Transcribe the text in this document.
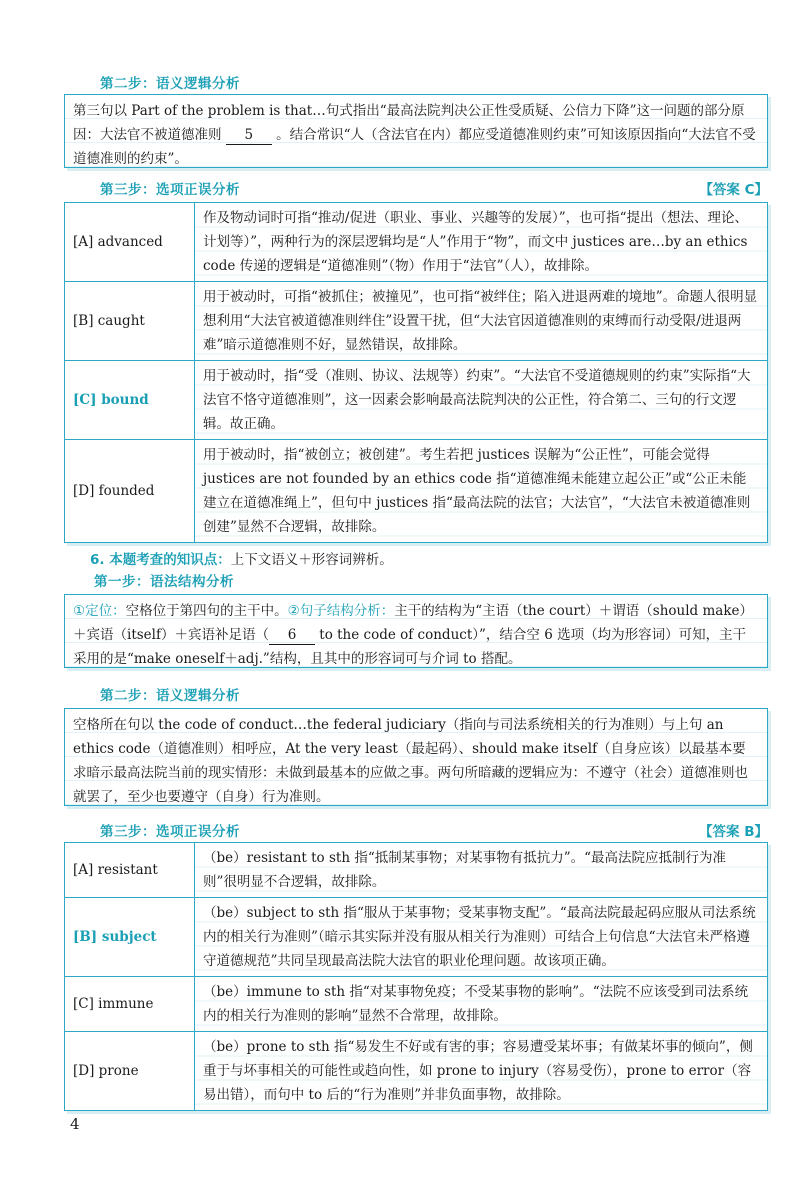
第二步：语义逻辑分析

第三句以 Part of the problem is that…句式指出“最高法院判决公正性受质疑、公信力下降”这一问题的部分原因：大法官不被道德准则 5 。结合常识“人（含法官在内）都应受道德准则约束”可知该原因指向“大法官不受道德准则的约束”。

第三步：选项正误分析	【答案 C】
[A] advanced	作及物动词时可指“推动/促进（职业、事业、兴趣等的发展）”，也可指“提出（想法、理论、计划等）”，两种行为的深层逻辑均是“人”作用于“物”，而文中 justices are…by an ethics code 传递的逻辑是“道德准则”（物）作用于“法官”（人），故排除。
[B] caught	用于被动时，可指“被抓住；被撞见”，也可指“被绊住；陷入进退两难的境地”。命题人很明显想利用“大法官被道德准则绊住”设置干扰，但“大法官因道德准则的束缚而行动受限/进退两难”暗示道德准则不好，显然错误，故排除。
[C] bound	用于被动时，指“受（准则、协议、法规等）约束”。“大法官不受道德规则的约束”实际指“大法官不恪守道德准则”，这一因素会影响最高法院判决的公正性，符合第二、三句的行文逻辑。故正确。
[D] founded	用于被动时，指“被创立；被创建”。考生若把 justices 误解为“公正性”，可能会觉得 justices are not founded by an ethics code 指“道德准绳未能建立起公正”或“公正未能建立在道德准绳上”，但句中 justices 指“最高法院的法官；大法官”，“大法官未被道德准则创建”显然不合逻辑，故排除。
6. 本题考查的知识点：上下文语义＋形容词辨析。
第一步：语法结构分析

①定位：空格位于第四句的主干中。②句子结构分析：主干的结构为“主语（the court）＋谓语（should make）＋宾语（itself）＋宾语补足语（ 6 to the code of conduct）”，结合空 6 选项（均为形容词）可知，主干采用的是“make oneself＋adj.”结构，且其中的形容词可与介词 to 搭配。

第二步：语义逻辑分析

空格所在句以 the code of conduct…the federal judiciary（指向与司法系统相关的行为准则）与上句 an ethics code（道德准则）相呼应，At the very least（最起码）、should make itself（自身应该）以最基本要求暗示最高法院当前的现实情形：未做到最基本的应做之事。两句所暗藏的逻辑应为：不遵守（社会）道德准则也就罢了，至少也要遵守（自身）行为准则。

第三步：选项正误分析	【答案 B】
[A] resistant	（be）resistant to sth 指“抵制某事物；对某事物有抵抗力”。“最高法院应抵制行为准则”很明显不合逻辑，故排除。
[B] subject	（be）subject to sth 指“服从于某事物；受某事物支配”。“最高法院最起码应服从司法系统内的相关行为准则”（暗示其实际并没有服从相关行为准则）可结合上句信息“大法官未严格遵守道德规范”共同呈现最高法院大法官的职业伦理问题。故该项正确。
[C] immune	（be）immune to sth 指“对某事物免疫；不受某事物的影响”。“法院不应该受到司法系统内的相关行为准则的影响”显然不合常理，故排除。
[D] prone	（be）prone to sth 指“易发生不好或有害的事；容易遭受某坏事；有做某坏事的倾向”，侧重于与坏事相关的可能性或趋向性，如 prone to injury（容易受伤），prone to error（容易出错），而句中 to 后的“行为准则”并非负面事物，故排除。
4
